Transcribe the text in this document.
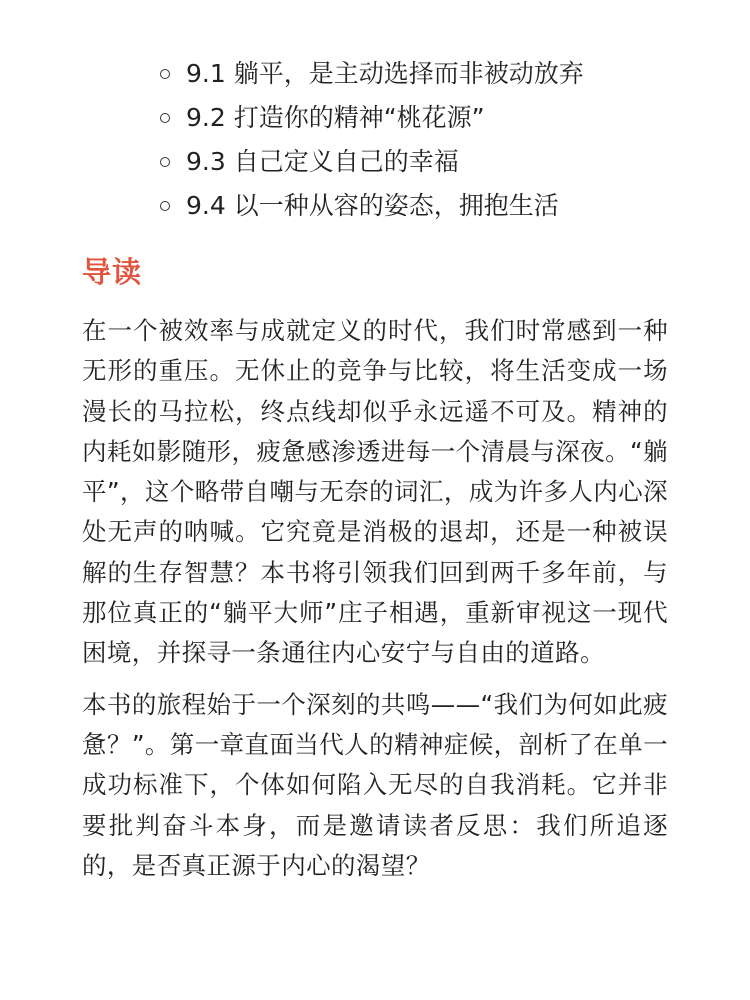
9.1 躺平，是主动选择而非被动放弃
9.2 打造你的精神“桃花源”
9.3 自己定义自己的幸福
9.4 以一种从容的姿态，拥抱生活
导读

在一个被效率与成就定义的时代，我们时常感到一种无形的重压。无休止的竞争与比较，将生活变成一场漫长的马拉松，终点线却似乎永远遥不可及。精神的内耗如影随形，疲惫感渗透进每一个清晨与深夜。“躺平”，这个略带自嘲与无奈的词汇，成为许多人内心深处无声的呐喊。它究竟是消极的退却，还是一种被误解的生存智慧？本书将引领我们回到两千多年前，与那位真正的“躺平大师”庄子相遇，重新审视这一现代困境，并探寻一条通往内心安宁与自由的道路。

本书的旅程始于一个深刻的共鸣——“我们为何如此疲惫？”。第一章直面当代人的精神症候，剖析了在单一成功标准下，个体如何陷入无尽的自我消耗。它并非要批判奋斗本身，而是邀请读者反思：我们所追逐的，是否真正源于内心的渴望？
